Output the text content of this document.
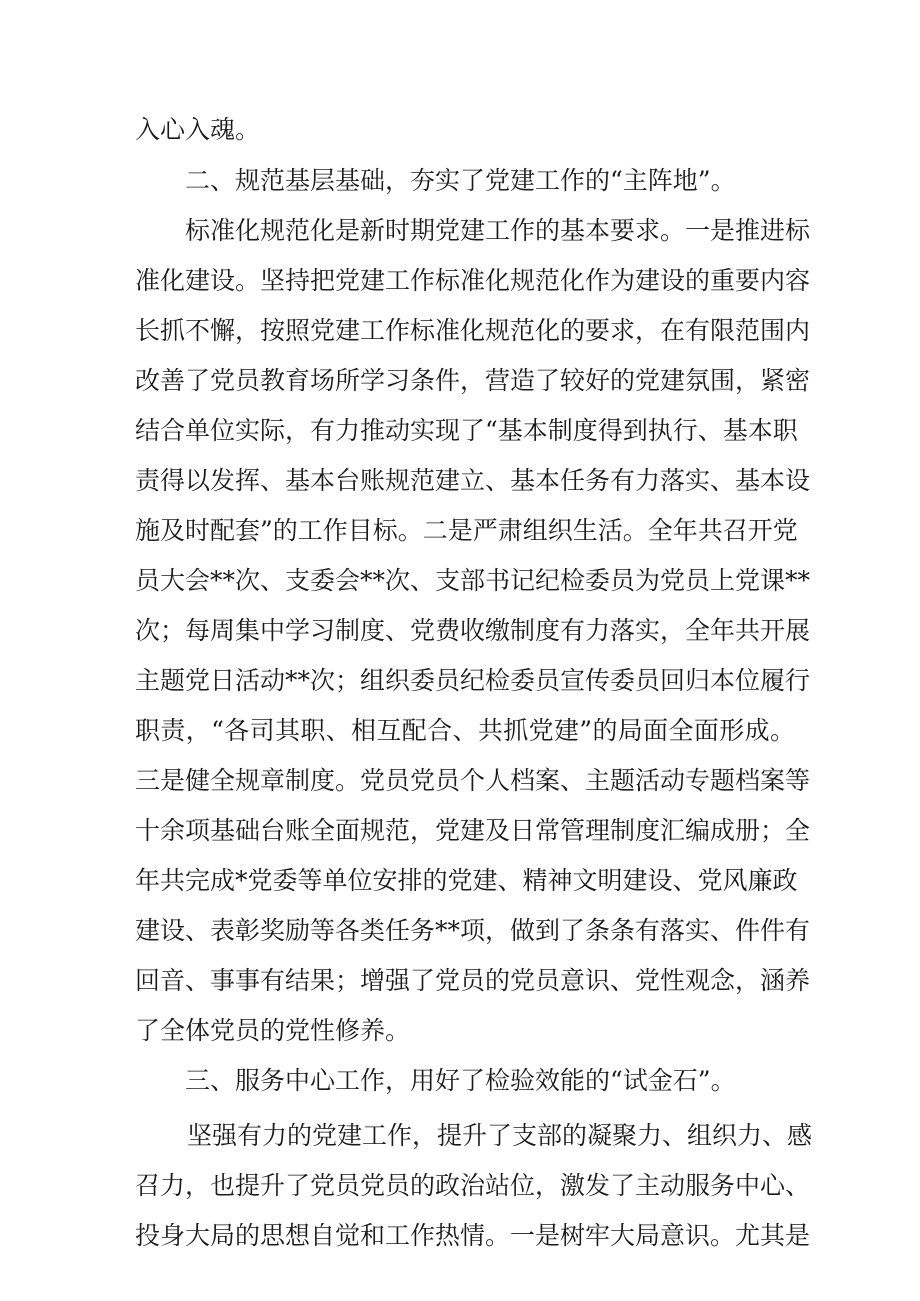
入心入魂。
二、规范基层基础，夯实了党建工作的“主阵地”。
标准化规范化是新时期党建工作的基本要求。一是推进标
准化建设。坚持把党建工作标准化规范化作为建设的重要内容
长抓不懈，按照党建工作标准化规范化的要求，在有限范围内
改善了党员教育场所学习条件，营造了较好的党建氛围，紧密
结合单位实际，有力推动实现了“基本制度得到执行、基本职
责得以发挥、基本台账规范建立、基本任务有力落实、基本设
施及时配套”的工作目标。二是严肃组织生活。全年共召开党
员大会**次、支委会**次、支部书记纪检委员为党员上党课**
次；每周集中学习制度、党费收缴制度有力落实，全年共开展
主题党日活动**次；组织委员纪检委员宣传委员回归本位履行
职责，“各司其职、相互配合、共抓党建”的局面全面形成。
三是健全规章制度。党员党员个人档案、主题活动专题档案等
十余项基础台账全面规范，党建及日常管理制度汇编成册；全
年共完成*党委等单位安排的党建、精神文明建设、党风廉政
建设、表彰奖励等各类任务**项，做到了条条有落实、件件有
回音、事事有结果；增强了党员的党员意识、党性观念，涵养
了全体党员的党性修养。
三、服务中心工作，用好了检验效能的“试金石”。
坚强有力的党建工作，提升了支部的凝聚力、组织力、感
召力，也提升了党员党员的政治站位，激发了主动服务中心、
投身大局的思想自觉和工作热情。一是树牢大局意识。尤其是
